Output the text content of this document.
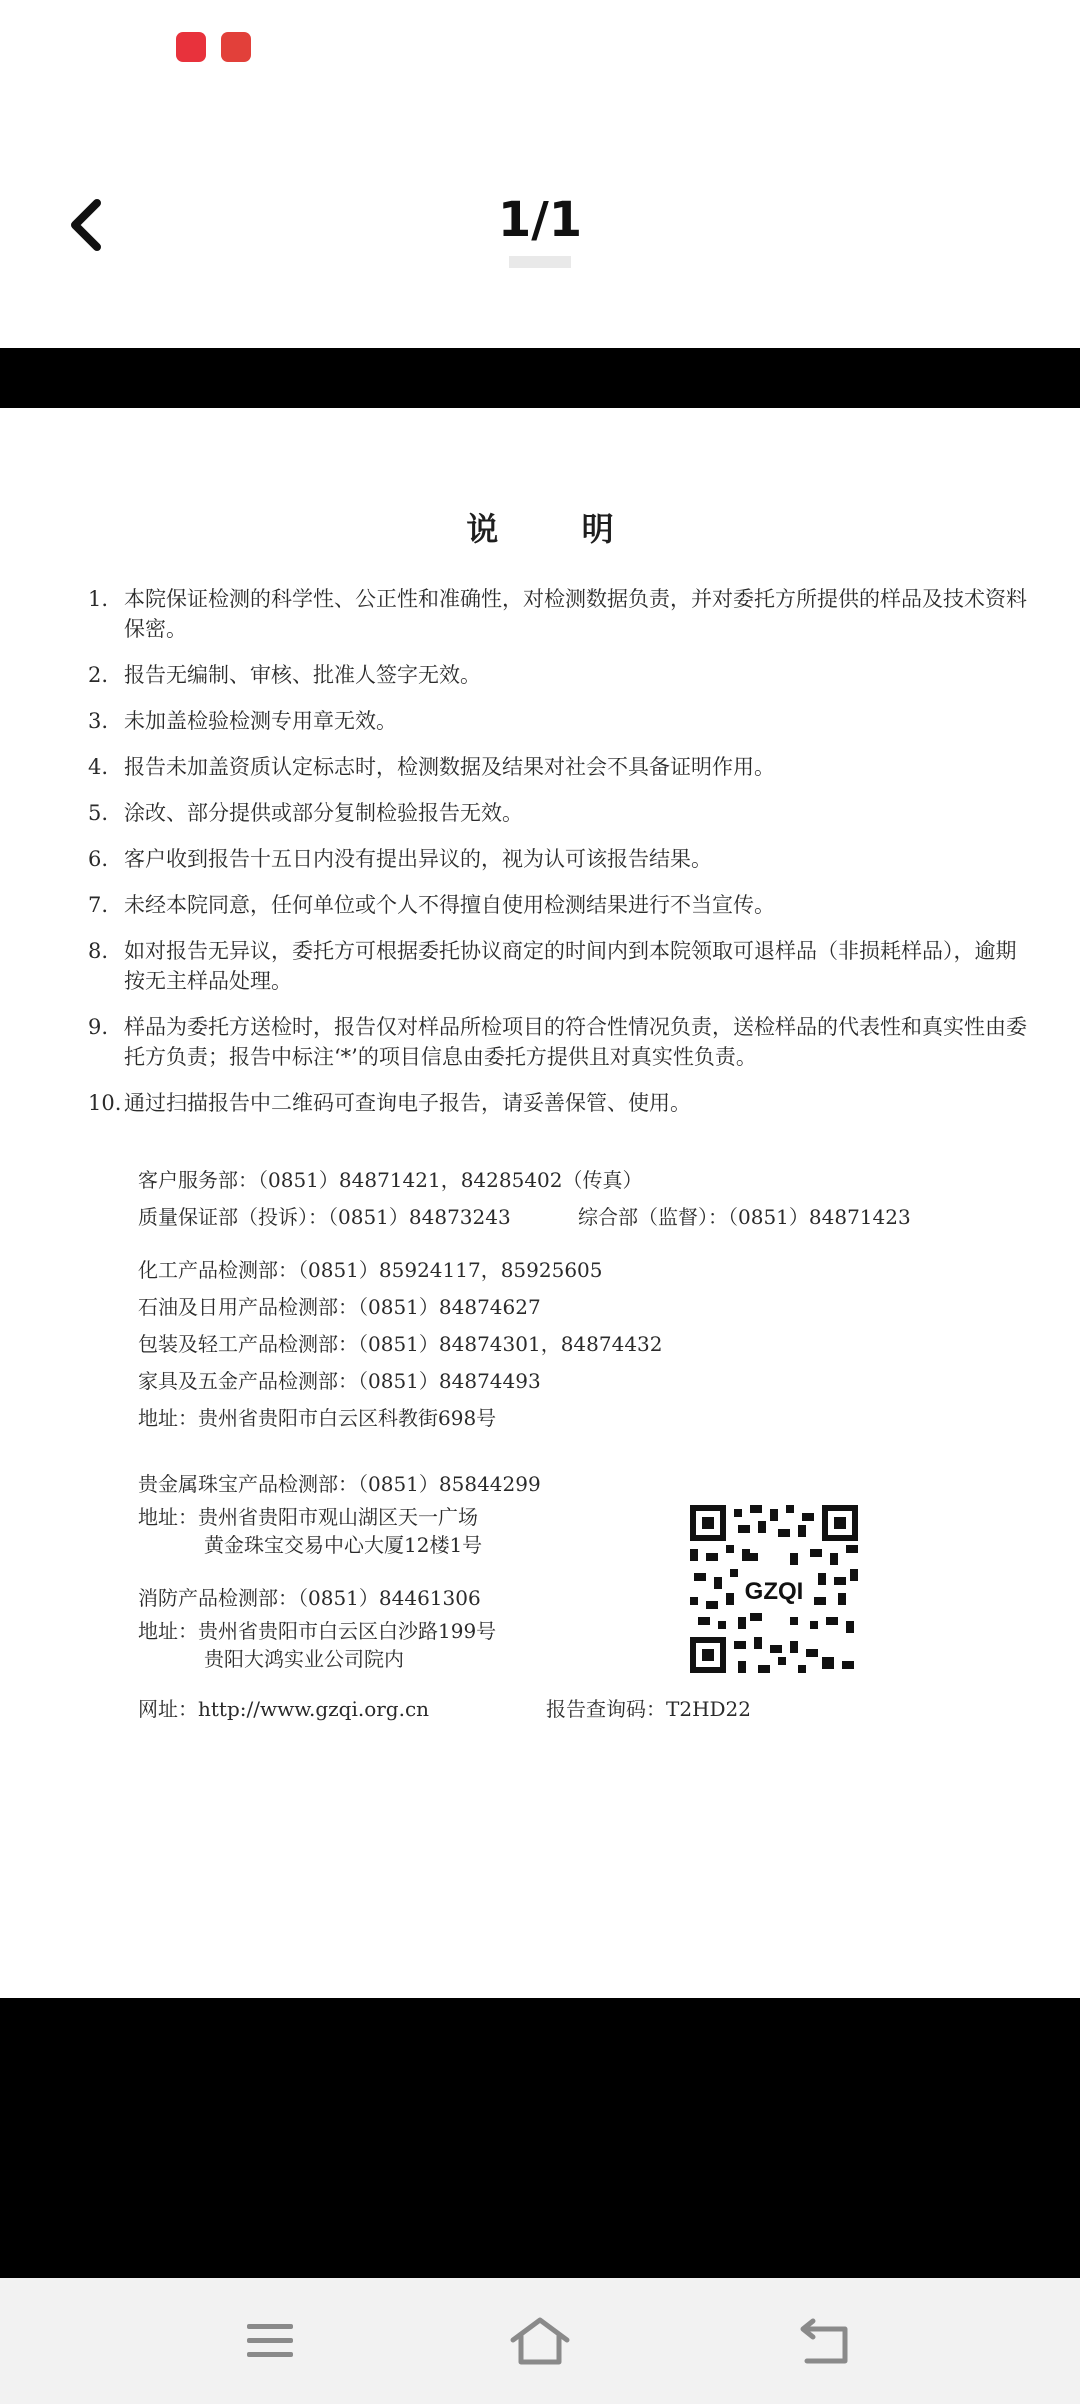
1/1
说 明
1. 本院保证检测的科学性、公正性和准确性，对检测数据负责，并对委托方所提供的样品及技术资料保密。
2. 报告无编制、审核、批准人签字无效。
3. 未加盖检验检测专用章无效。
4. 报告未加盖资质认定标志时，检测数据及结果对社会不具备证明作用。
5. 涂改、部分提供或部分复制检验报告无效。
6. 客户收到报告十五日内没有提出异议的，视为认可该报告结果。
7. 未经本院同意，任何单位或个人不得擅自使用检测结果进行不当宣传。
8. 如对报告无异议，委托方可根据委托协议商定的时间内到本院领取可退样品（非损耗样品），逾期按无主样品处理。
9. 样品为委托方送检时，报告仅对样品所检项目的符合性情况负责，送检样品的代表性和真实性由委托方负责；报告中标注‘*’的项目信息由委托方提供且对真实性负责。
10. 通过扫描报告中二维码可查询电子报告，请妥善保管、使用。
客户服务部：（0851）84871421，84285402（传真）
质量保证部（投诉）：（0851）84873243	综合部（监督）：（0851）84871423
化工产品检测部：（0851）85924117，85925605
石油及日用产品检测部：（0851）84874627
包装及轻工产品检测部：（0851）84874301，84874432
家具及五金产品检测部：（0851）84874493
地址：贵州省贵阳市白云区科教街698号
贵金属珠宝产品检测部：（0851）85844299
地址：贵州省贵阳市观山湖区天一广场
黄金珠宝交易中心大厦12楼1号
消防产品检测部：（0851）84461306
地址：贵州省贵阳市白云区白沙路199号
贵阳大鸿实业公司院内
GZQI
网址：http://www.gzqi.org.cn	报告查询码：T2HD22
